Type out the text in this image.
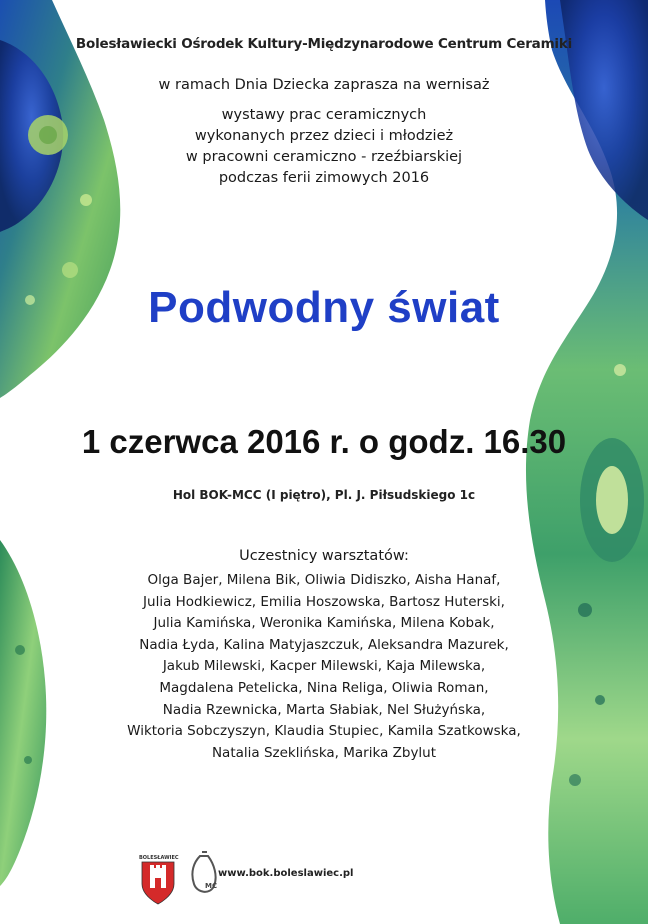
MC
Bolesławiecki Ośrodek Kultury-Międzynarodowe Centrum Ceramiki
w ramach Dnia Dziecka zaprasza na wernisaż
wystawy prac ceramicznych
wykonanych przez dzieci i młodzież
w pracowni ceramiczno - rzeźbiarskiej
podczas ferii zimowych 2016
Podwodny świat
1 czerwca 2016 r. o godz. 16.30
Hol BOK-MCC (I piętro), Pl. J. Piłsudskiego 1c
Uczestnicy warsztatów:
Olga Bajer, Milena Bik, Oliwia Didiszko, Aisha Hanaf,
Julia Hodkiewicz, Emilia Hoszowska, Bartosz Huterski,
Julia Kamińska, Weronika Kamińska, Milena Kobak,
Nadia Łyda, Kalina Matyjaszczuk, Aleksandra Mazurek,
Jakub Milewski, Kacper Milewski, Kaja Milewska,
Magdalena Petelicka, Nina Religa, Oliwia Roman,
Nadia Rzewnicka, Marta Słabiak, Nel Służyńska,
Wiktoria Sobczyszyn, Klaudia Stupiec, Kamila Szatkowska,
Natalia Szeklińska, Marika Zbylut
BOLESŁAWIEC
www.bok.boleslawiec.pl
